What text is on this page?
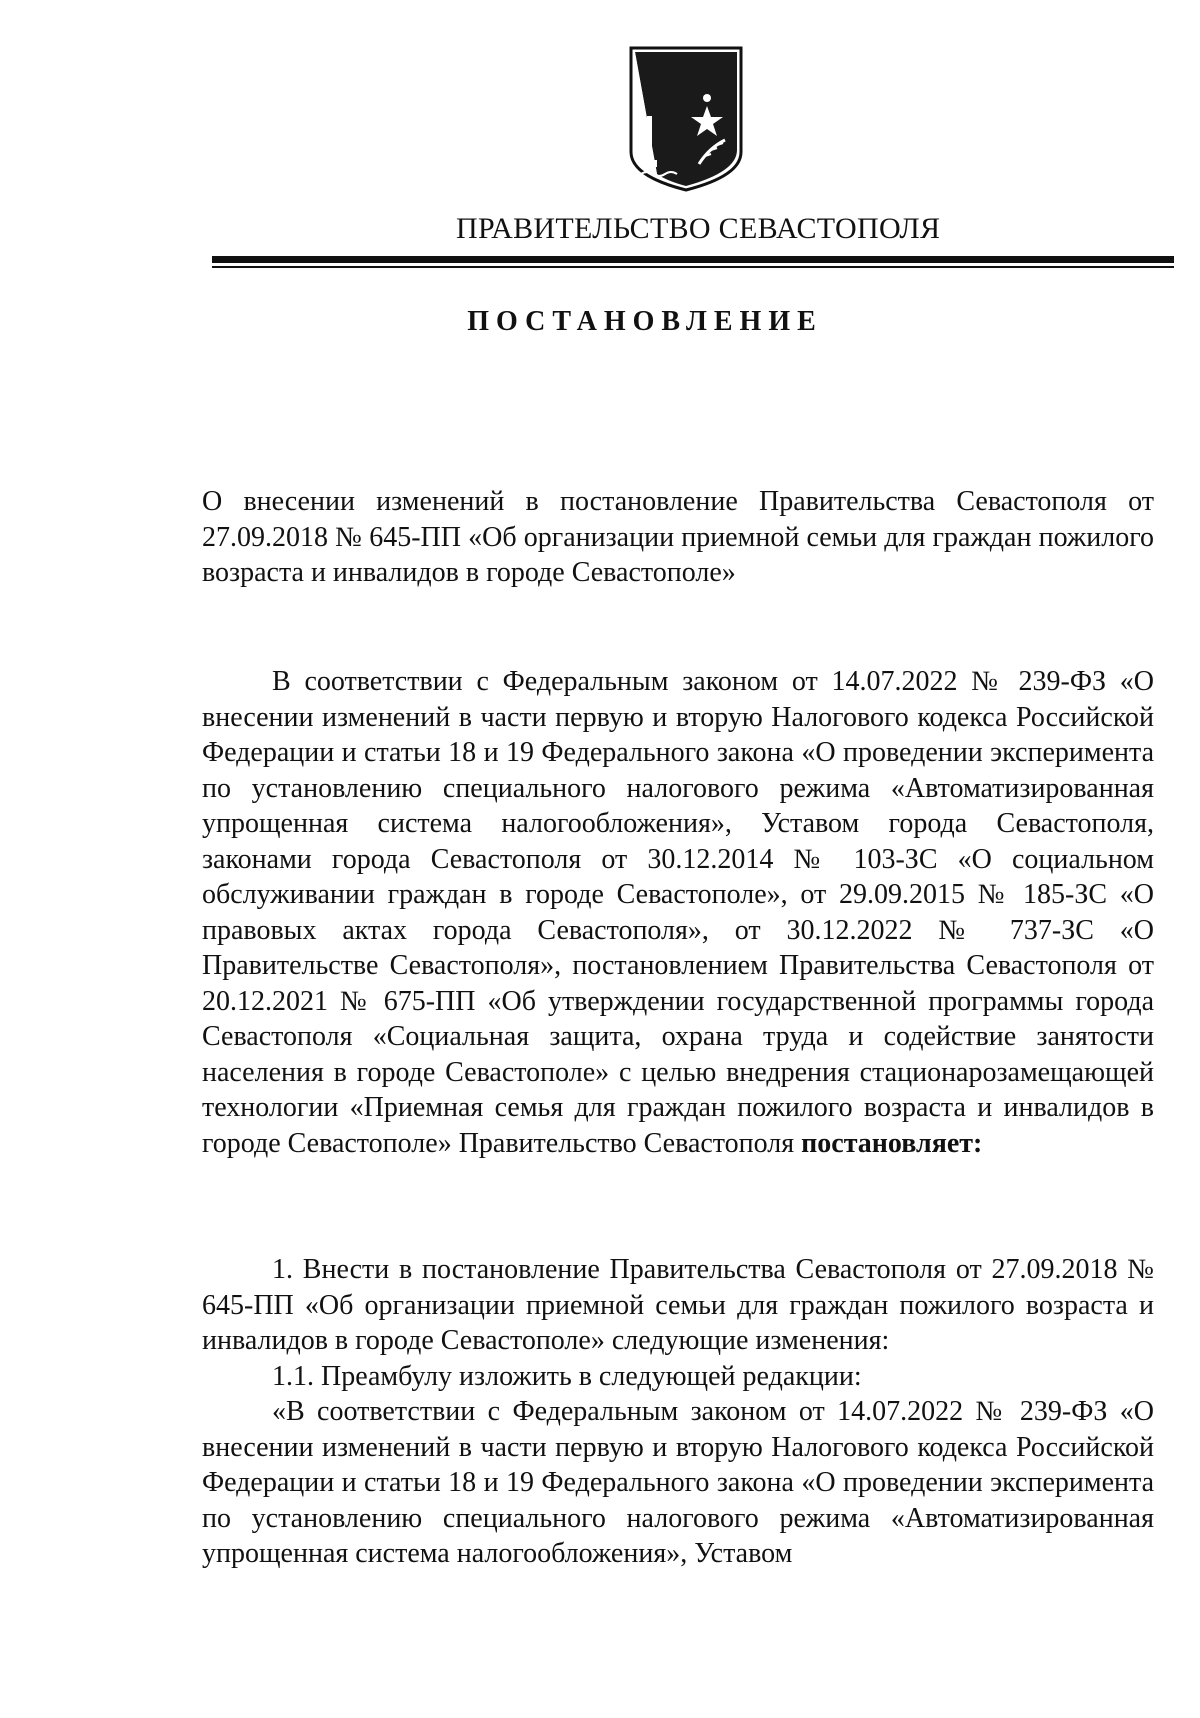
ПРАВИТЕЛЬСТВО СЕВАСТОПОЛЯ
ПОСТАНОВЛЕНИЕ

О внесении изменений в постановление Правительства Севастополя от 27.09.2018 № 645-ПП «Об организации приемной семьи для граждан пожилого возраста и инвалидов в городе Севастополе»

В соответствии с Федеральным законом от 14.07.2022 № 239-ФЗ «О внесении изменений в части первую и вторую Налогового кодекса Российской Федерации и статьи 18 и 19 Федерального закона «О проведении эксперимента по установлению специального налогового режима «Автоматизированная упрощенная система налогообложения», Уставом города Севастополя, законами города Севастополя от 30.12.2014 № 103-ЗС «О социальном обслуживании граждан в городе Севастополе», от 29.09.2015 № 185-ЗС «О правовых актах города Севастополя», от 30.12.2022 № 737-ЗС «О Правительстве Севастополя», постановлением Правительства Севастополя от 20.12.2021 № 675-ПП «Об утверждении государственной программы города Севастополя «Социальная защита, охрана труда и содействие занятости населения в городе Севастополе» с целью внедрения стационарозамещающей технологии «Приемная семья для граждан пожилого возраста и инвалидов в городе Севастополе» Правительство Севастополя постановляет:

1. Внести в постановление Правительства Севастополя от 27.09.2018 № 645-ПП «Об организации приемной семьи для граждан пожилого возраста и инвалидов в городе Севастополе» следующие изменения:

1.1. Преамбулу изложить в следующей редакции:

«В соответствии с Федеральным законом от 14.07.2022 № 239-ФЗ «О внесении изменений в части первую и вторую Налогового кодекса Российской Федерации и статьи 18 и 19 Федерального закона «О проведении эксперимента по установлению специального налогового режима «Автоматизированная упрощенная система налогообложения», Уставом
